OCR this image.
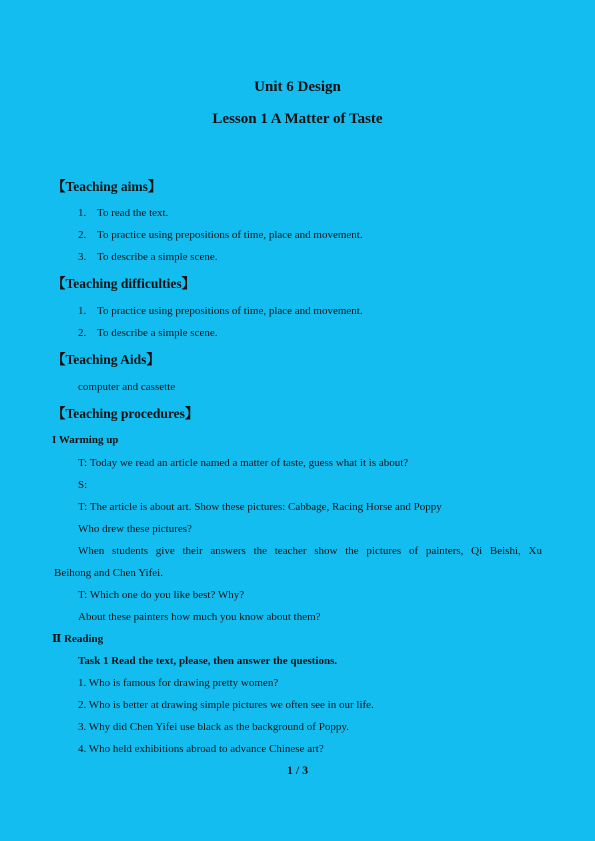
Unit 6 Design
Lesson 1 A Matter of Taste
【Teaching aims】
1. To read the text.
2. To practice using prepositions of time, place and movement.
3. To describe a simple scene.
【Teaching difficulties】
1. To practice using prepositions of time, place and movement.
2. To describe a simple scene.
【Teaching Aids】
computer and cassette
【Teaching procedures】
I Warming up
T: Today we read an article named a matter of taste, guess what it is about?
S:
T: The article is about art. Show these pictures: Cabbage, Racing Horse and Poppy
Who drew these pictures?
When students give their answers the teacher show the pictures of painters, Qi Beishi, Xu
Beihong and Chen Yifei.
T: Which one do you like best? Why?
About these painters how much you know about them?
Ⅱ Reading
Task 1 Read the text, please, then answer the questions.
1. Who is famous for drawing pretty women?
2. Who is better at drawing simple pictures we often see in our life.
3. Why did Chen Yifei use black as the background of Poppy.
4. Who held exhibitions abroad to advance Chinese art?
1 / 3
